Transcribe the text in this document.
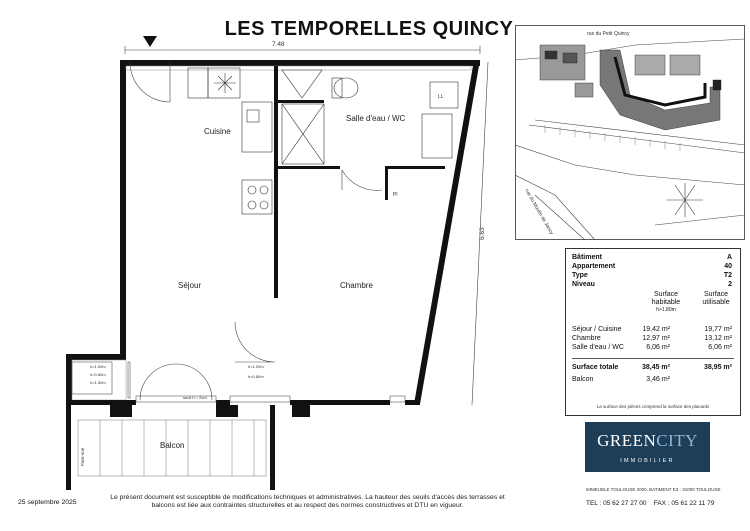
LES TEMPORELLES QUINCY
7.48
6.63
h=1.00m
h=0.80m
h=1.50m
h=1.00m
h=0.80m
seuil h = 2cm
Pare-vue
LL
Pl
Cuisine
Salle d'eau / WC
Séjour	Chambre
Balcon
rue du Petit Quincy
rue du Moulin de Jancy
Bâtiment	A
Appartement	40
Type	T2
Niveau	2
Surface habitable
h>1.80m
Surface utilisable
Séjour / Cuisine	19,42 m²	19,77 m²
Chambre	12,97 m²	13,12 m²
Salle d'eau / WC	6,06 m²	6,06 m²
Surface totale	38,45 m²	38,95 m²
Balcon	3,46 m²
La surface des pièces comprend la surface des placards
GREENCITY
IMMOBILIER
IMMEUBLE TOULOUSE 2000, BATIMENT E3 - 31000 TOULOUSE
TEL : 05 62 27 27 00 FAX : 05 61 22 11 79
25 septembre 2025
Le présent document est susceptible de modifications techniques et administratives. La hauteur des seuils d'accès des terrasses et balcons est liée aux contraintes structurelles et au respect des normes constructives et DTU en vigueur.
